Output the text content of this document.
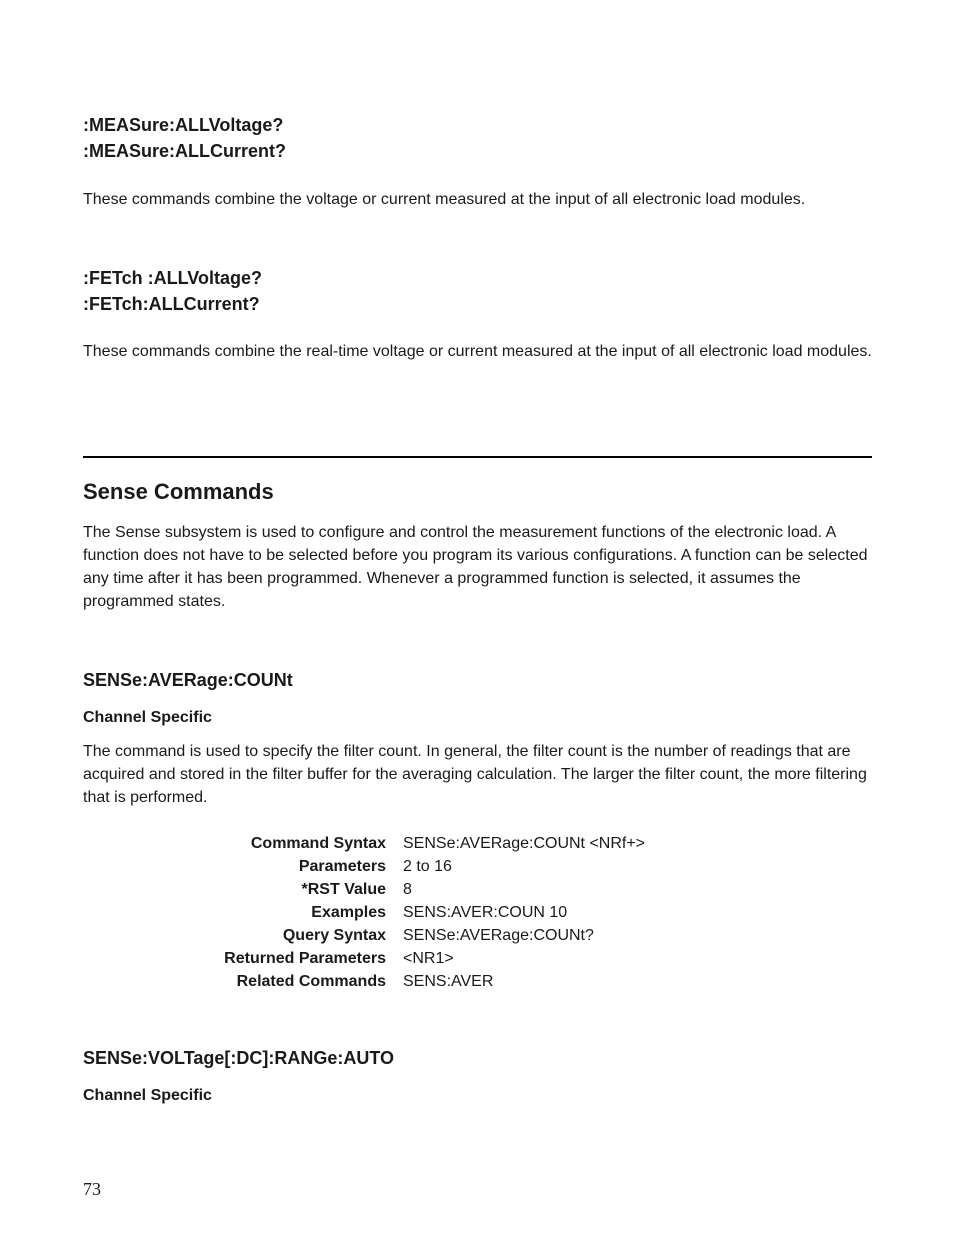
:MEASure:ALLVoltage?
:MEASure:ALLCurrent?
These commands combine the voltage or current measured at the input of all electronic load modules.
:FETch :ALLVoltage?
:FETch:ALLCurrent?
These commands combine the real-time voltage or current measured at the input of all electronic load modules.
Sense Commands
The Sense subsystem is used to configure and control the measurement functions of the electronic load. A function does not have to be selected before you program its various configurations. A function can be selected any time after it has been programmed. Whenever a programmed function is selected, it assumes the programmed states.
SENSe:AVERage:COUNt
Channel Specific
The command is used to specify the filter count. In general, the filter count is the number of readings that are acquired and stored in the filter buffer for the averaging calculation. The larger the filter count, the more filtering that is performed.
Command Syntax	SENSe:AVERage:COUNt <NRf+>
Parameters	2 to 16
*RST Value	8
Examples	SENS:AVER:COUN 10
Query Syntax	SENSe:AVERage:COUNt?
Returned Parameters	<NR1>
Related Commands	SENS:AVER
SENSe:VOLTage[:DC]:RANGe:AUTO
Channel Specific
73
